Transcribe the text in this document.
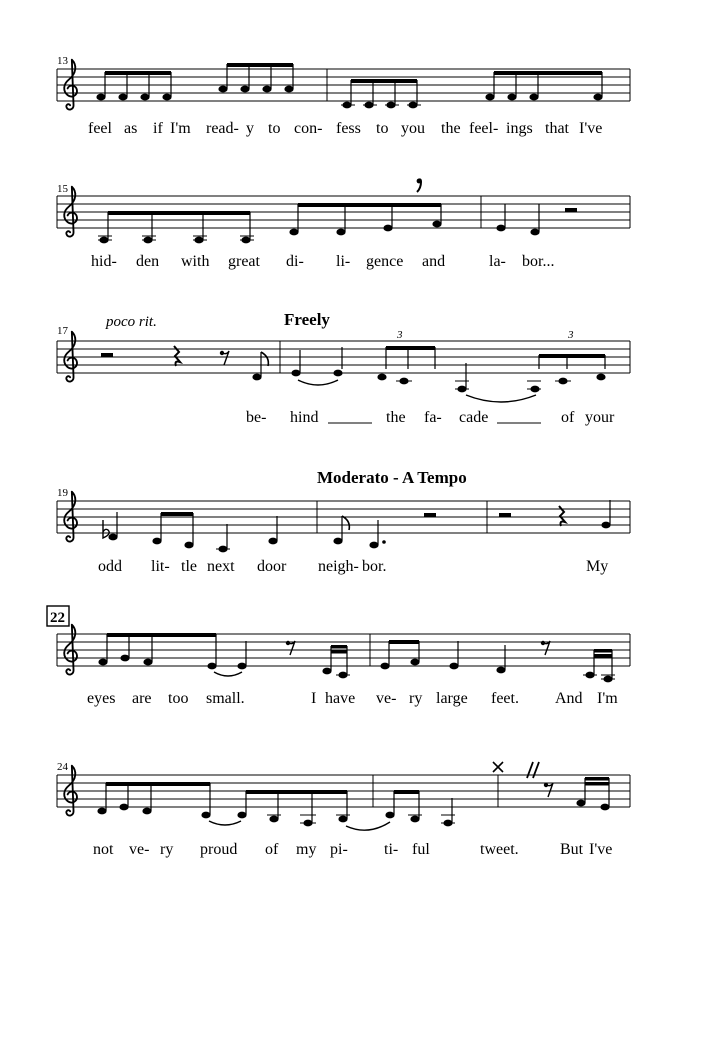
13
feel as if I'm read- y to con- fess to you the feel- ings that I've
15
hid- den with great di- li- gence and	la- bor...
17
poco rit.	Freely
3	3
be- hind	the fa- cade	of your
19
Moderato - A Tempo
odd lit- tle next door neigh- bor.	My
22
eyes are too small.	I have ve- ry large feet. And I'm
24
not ve- ry proud of my pi- ti- ful	tweet.	But I've
